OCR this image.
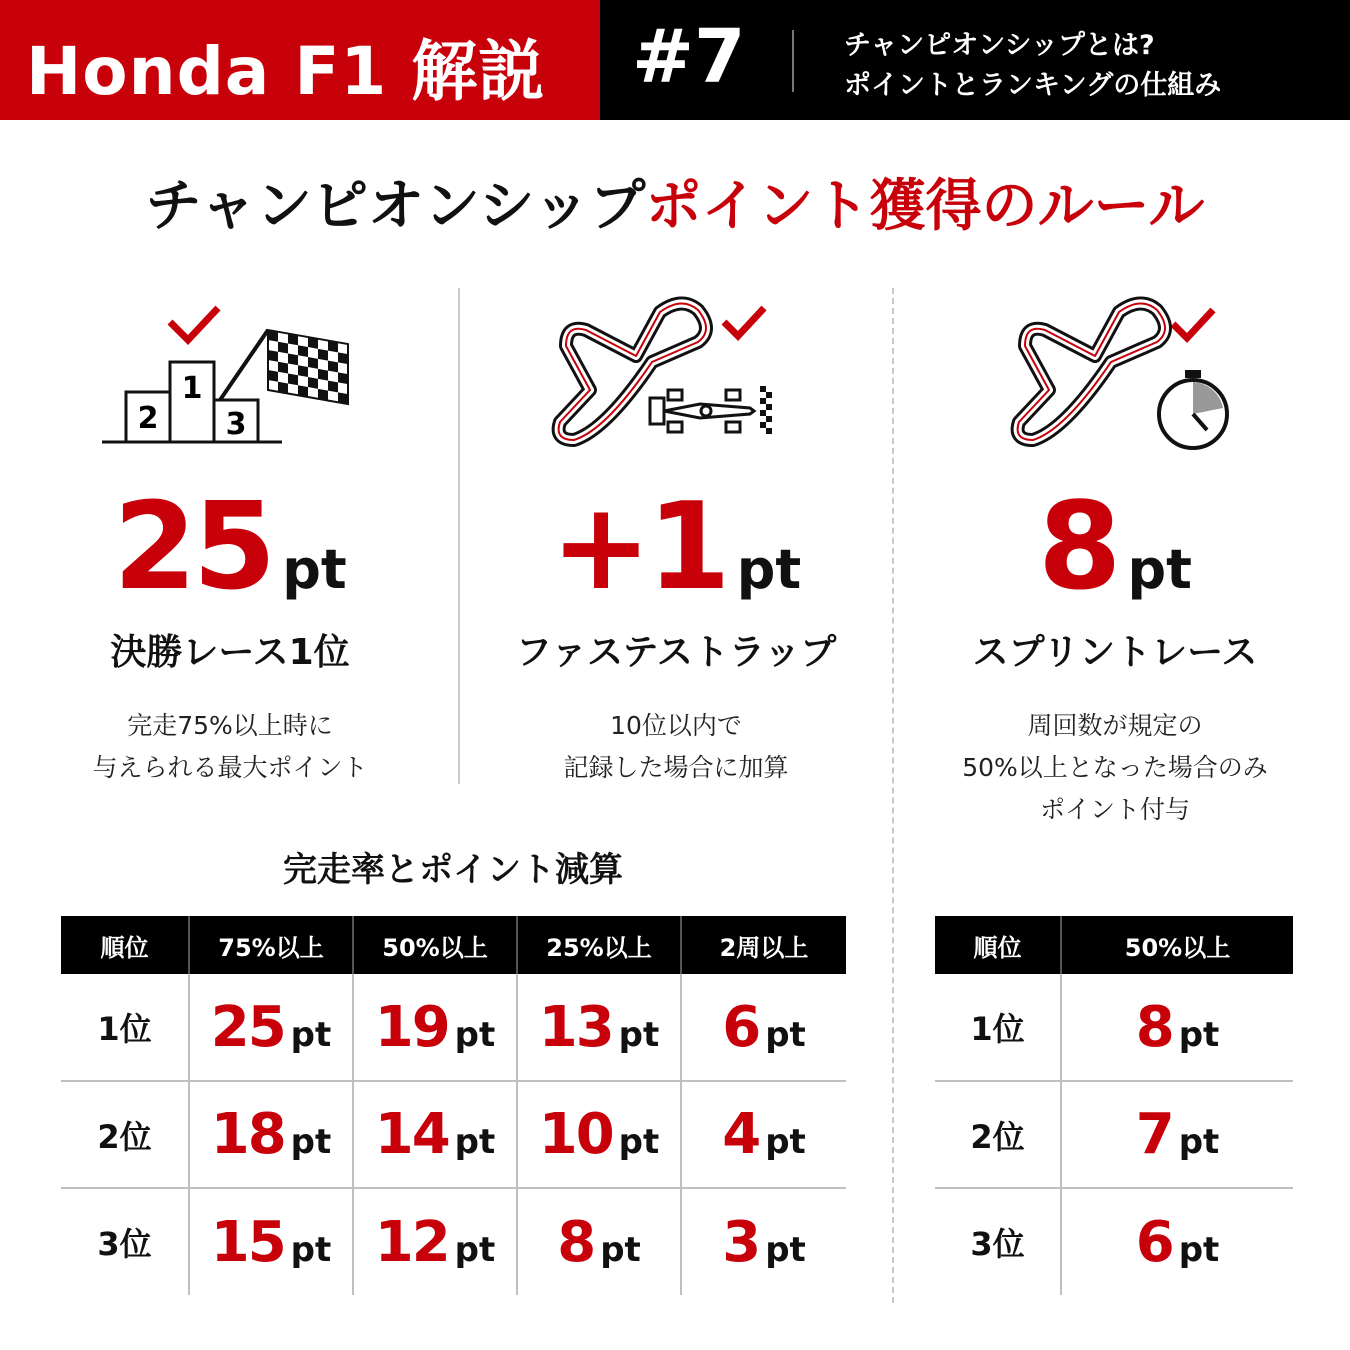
Honda F1 解説 #7	チャンピオンシップとは?
ポイントとランキングの仕組み
チャンピオンシップポイント獲得のルール
2
1
3
25 pt
決勝レース1位
完走75%以上時に
与えられる最大ポイント
+1 pt
ファステストラップ
10位以内で
記録した場合に加算
8 pt
スプリントレース
周回数が規定の
50%以上となった場合のみ
ポイント付与
完走率とポイント減算
順位	75%以上	50%以上	25%以上	2周以上
1位	25 pt	19 pt	13 pt	6 pt
2位	18 pt	14 pt	10 pt	4 pt
3位	15 pt	12 pt	8 pt	3 pt
順位	50%以上
1位	8 pt
2位	7 pt
3位	6 pt
